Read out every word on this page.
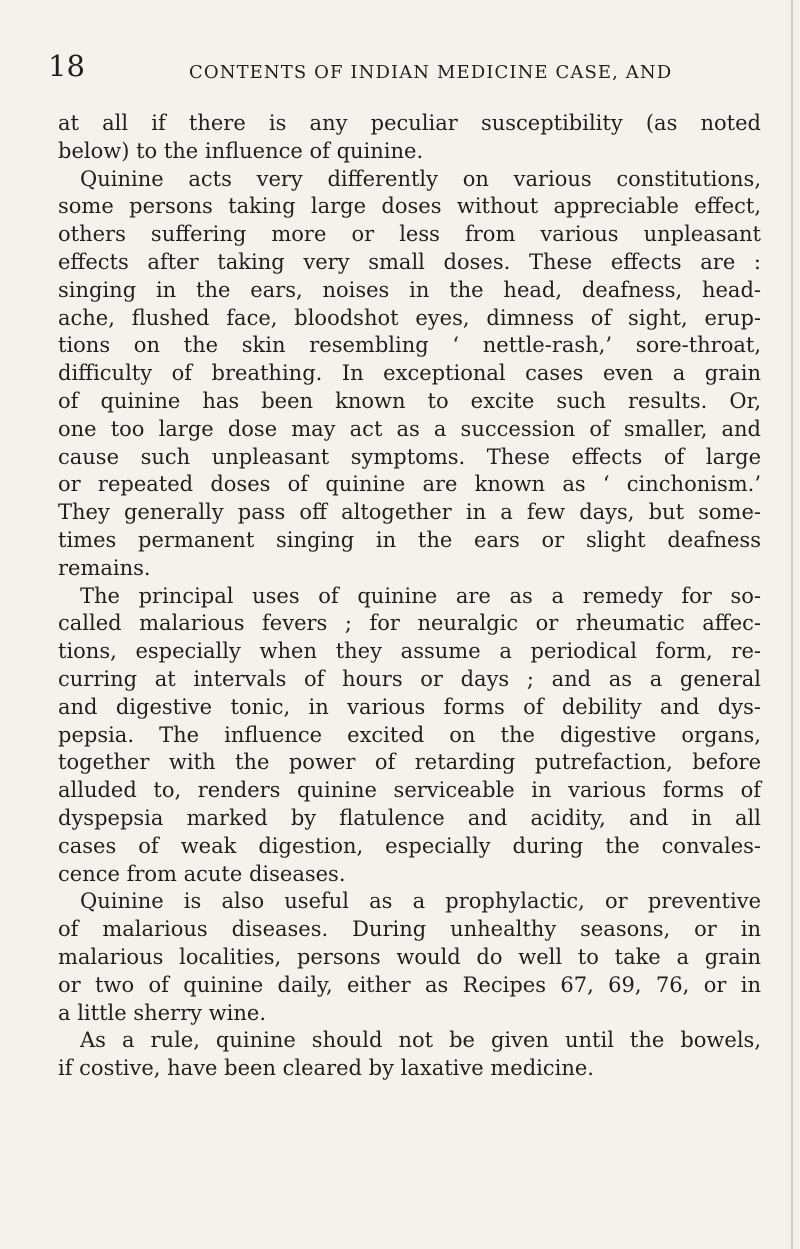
18	CONTENTS OF INDIAN MEDICINE CASE, AND
at all if there is any peculiar susceptibility (as noted
below) to the influence of quinine.
Quinine acts very differently on various constitutions,
some persons taking large doses without appreciable effect,
others suffering more or less from various unpleasant
effects after taking very small doses. These effects are :
singing in the ears, noises in the head, deafness, head-
ache, flushed face, bloodshot eyes, dimness of sight, erup-
tions on the skin resembling ‘ nettle-rash,’ sore-throat,
difficulty of breathing. In exceptional cases even a grain
of quinine has been known to excite such results. Or,
one too large dose may act as a succession of smaller, and
cause such unpleasant symptoms. These effects of large
or repeated doses of quinine are known as ‘ cinchonism.’
They generally pass off altogether in a few days, but some-
times permanent singing in the ears or slight deafness
remains.
The principal uses of quinine are as a remedy for so-
called malarious fevers ; for neuralgic or rheumatic affec-
tions, especially when they assume a periodical form, re-
curring at intervals of hours or days ; and as a general
and digestive tonic, in various forms of debility and dys-
pepsia. The influence excited on the digestive organs,
together with the power of retarding putrefaction, before
alluded to, renders quinine serviceable in various forms of
dyspepsia marked by flatulence and acidity, and in all
cases of weak digestion, especially during the convales-
cence from acute diseases.
Quinine is also useful as a prophylactic, or preventive
of malarious diseases. During unhealthy seasons, or in
malarious localities, persons would do well to take a grain
or two of quinine daily, either as Recipes 67, 69, 76, or in
a little sherry wine.
As a rule, quinine should not be given until the bowels,
if costive, have been cleared by laxative medicine.
